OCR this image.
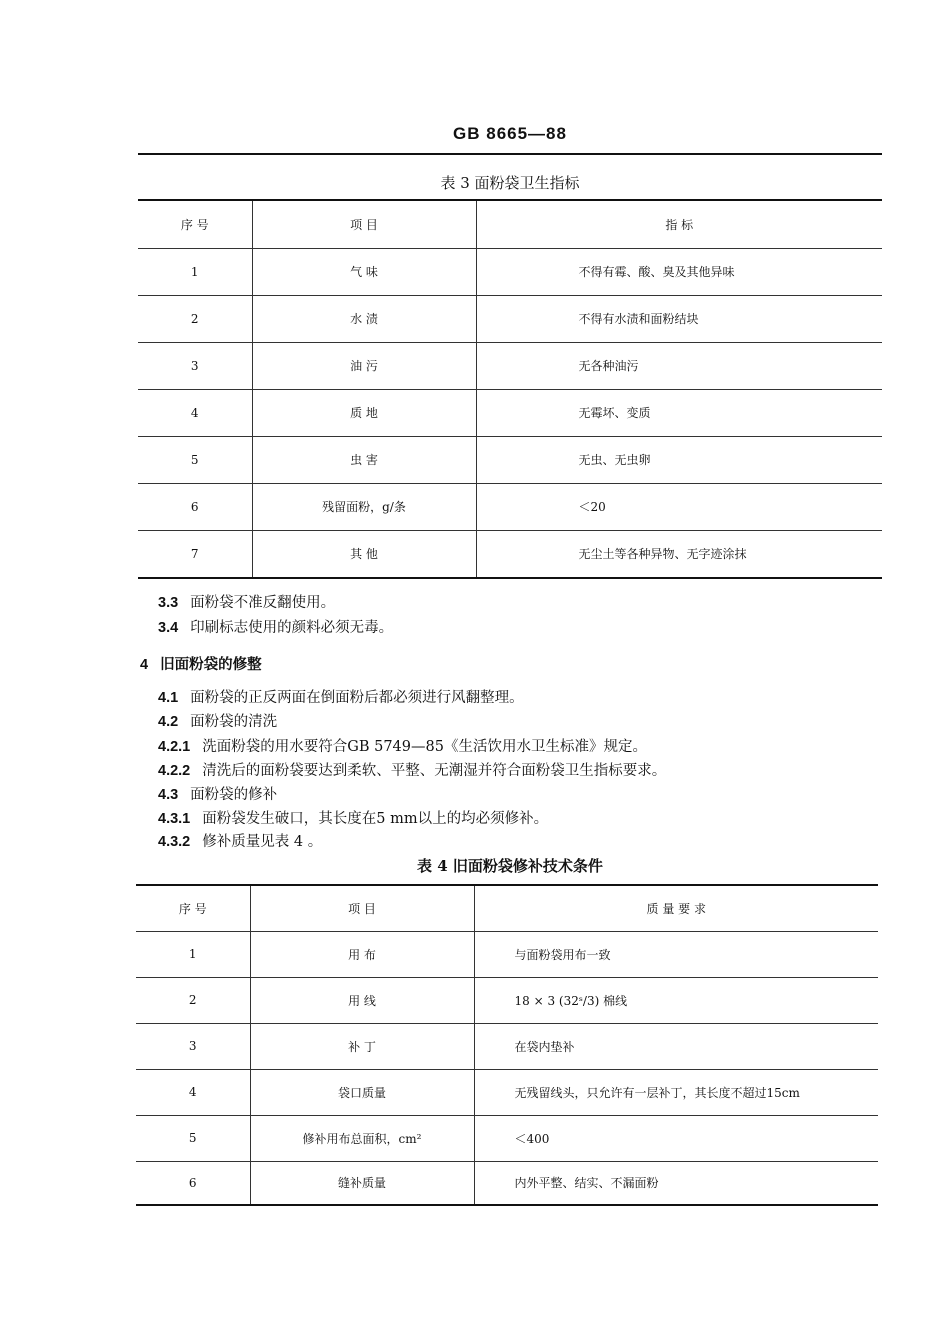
GB 8665—88
表 3 面粉袋卫生指标
序 号	项 目	指 标
1	气 味	不得有霉、酸、臭及其他异味
2	水 渍	不得有水渍和面粉结块
3	油 污	无各种油污
4	质 地	无霉坏、变质
5	虫 害	无虫、无虫卵
6	残留面粉，g/条	＜20
7	其 他	无尘土等各种异物、无字迹涂抹
3.3 面粉袋不准反翻使用。
3.4 印刷标志使用的颜料必须无毒。
4 旧面粉袋的修整
4.1 面粉袋的正反两面在倒面粉后都必须进行风翻整理。
4.2 面粉袋的清洗
4.2.1 洗面粉袋的用水要符合GB 5749—85《生活饮用水卫生标准》规定。
4.2.2 清洗后的面粉袋要达到柔软、平整、无潮湿并符合面粉袋卫生指标要求。
4.3 面粉袋的修补
4.3.1 面粉袋发生破口，其长度在5 mm以上的均必须修补。
4.3.2 修补质量见表 4 。
表 4 旧面粉袋修补技术条件
序 号	项 目	质 量 要 求
1	用 布	与面粉袋用布一致
2	用 线	18 × 3 (32ˢ/3) 棉线
3	补 丁	在袋内垫补
4	袋口质量	无残留线头，只允许有一层补丁，其长度不超过15cm
5	修补用布总面积，cm²	＜400
6	缝补质量	内外平整、结实、不漏面粉
